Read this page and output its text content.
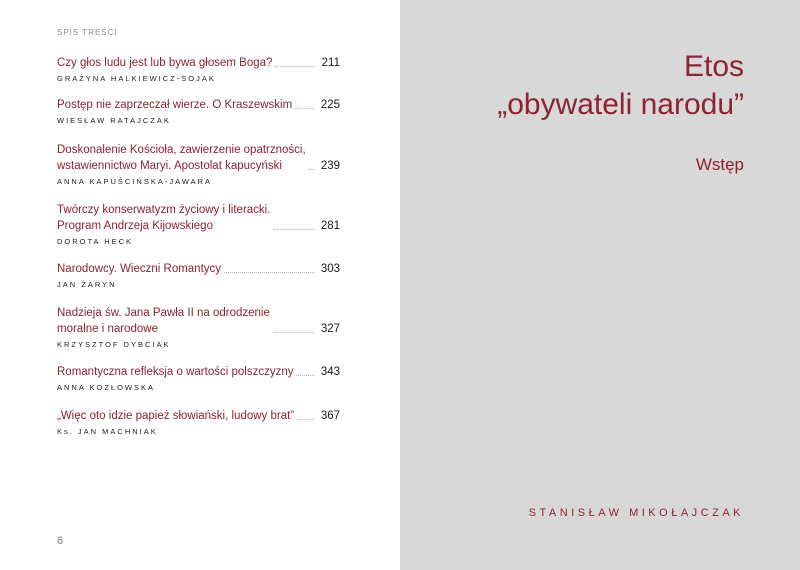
SPIS TREŚCI
Czy głos ludu jest lub bywa głosem Boga?	211
GRAŻYNA HALKIEWICZ-SOJAK
Postęp nie zaprzeczał wierze. O Kraszewskim 225
WIESŁAW RATAJCZAK
Doskonalenie Kościoła, zawierzenie opatrzności,
wstawiennictwo Maryi. Apostolat kapucyński	239
ANNA KAPUŚCIŃSKA-JAWARA
Twórczy konserwatyzm życiowy i literacki.
Program Andrzeja Kijowskiego	281
DOROTA HECK
Narodowcy. Wieczni Romantycy	303
JAN ŻARYN
Nadzieja św. Jana Pawła II na odrodzenie
moralne i narodowe	327
KRZYSZTOF DYBCIAK
Romantyczna refleksja o wartości polszczyzny 343
ANNA KOZŁOWSKA
„Więc oto idzie papież słowiański, ludowy brat” 367
Ks. JAN MACHNIAK
6
Etos
„obywateli narodu”
Wstęp
STANISŁAW MIKOŁAJCZAK
